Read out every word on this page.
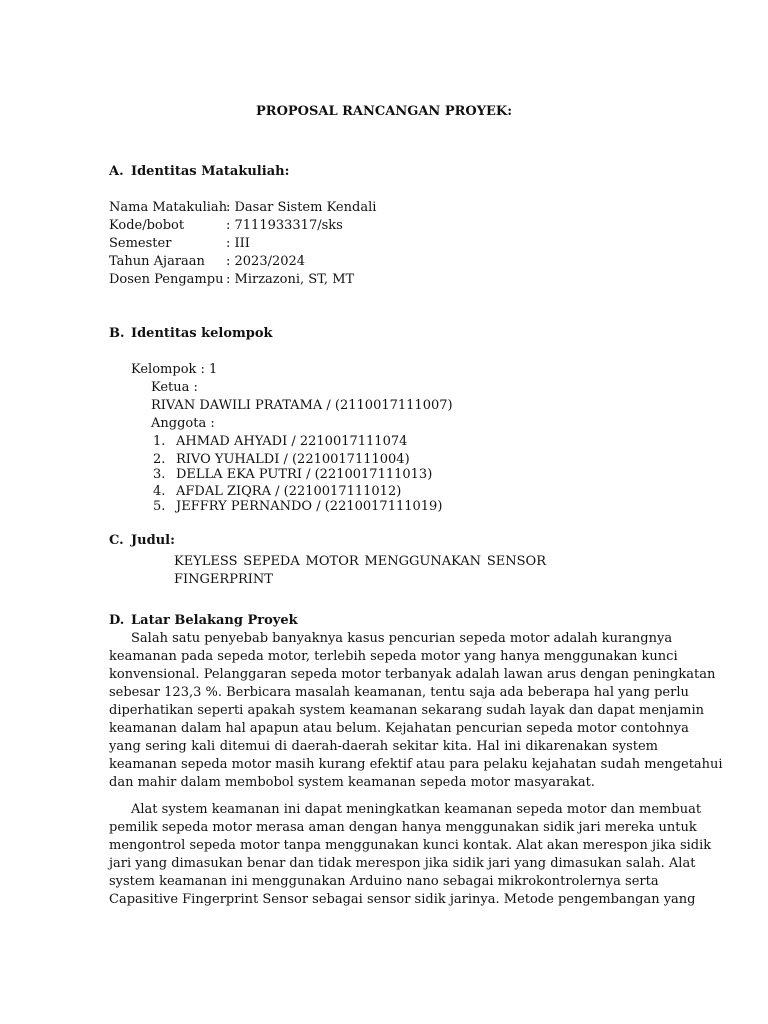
PROPOSAL RANCANGAN PROYEK:
A. Identitas Matakuliah:
Nama Matakuliah
: Dasar Sistem Kendali
Kode/bobot	: 7111933317/sks
Semester	: III
Tahun Ajaraan : 2023/2024
Dosen Pengampu : Mirzazoni, ST, MT
B. Identitas kelompok
Kelompok : 1
Ketua :
RIVAN DAWILI PRATAMA / (2110017111007)
Anggota :
1. AHMAD AHYADI / 2210017111074
2. RIVO YUHALDI / (2210017111004)
3. DELLA EKA PUTRI / (2210017111013)
4. AFDAL ZIQRA / (2210017111012)
5. JEFFRY PERNANDO / (2210017111019)
C. Judul:
KEYLESS SEPEDA MOTOR MENGGUNAKAN SENSOR
FINGERPRINT
D. Latar Belakang Proyek
Salah satu penyebab banyaknya kasus pencurian sepeda motor adalah kurangnya
keamanan pada sepeda motor, terlebih sepeda motor yang hanya menggunakan kunci
konvensional. Pelanggaran sepeda motor terbanyak adalah lawan arus dengan peningkatan
sebesar 123,3 %. Berbicara masalah keamanan, tentu saja ada beberapa hal yang perlu
diperhatikan seperti apakah system keamanan sekarang sudah layak dan dapat menjamin
keamanan dalam hal apapun atau belum. Kejahatan pencurian sepeda motor contohnya
yang sering kali ditemui di daerah-daerah sekitar kita. Hal ini dikarenakan system
keamanan sepeda motor masih kurang efektif atau para pelaku kejahatan sudah mengetahui
dan mahir dalam membobol system keamanan sepeda motor masyarakat.
Alat system keamanan ini dapat meningkatkan keamanan sepeda motor dan membuat
pemilik sepeda motor merasa aman dengan hanya menggunakan sidik jari mereka untuk
mengontrol sepeda motor tanpa menggunakan kunci kontak. Alat akan merespon jika sidik
jari yang dimasukan benar dan tidak merespon jika sidik jari yang dimasukan salah. Alat
system keamanan ini menggunakan Arduino nano sebagai mikrokontrolernya serta
Capasitive Fingerprint Sensor sebagai sensor sidik jarinya. Metode pengembangan yang
